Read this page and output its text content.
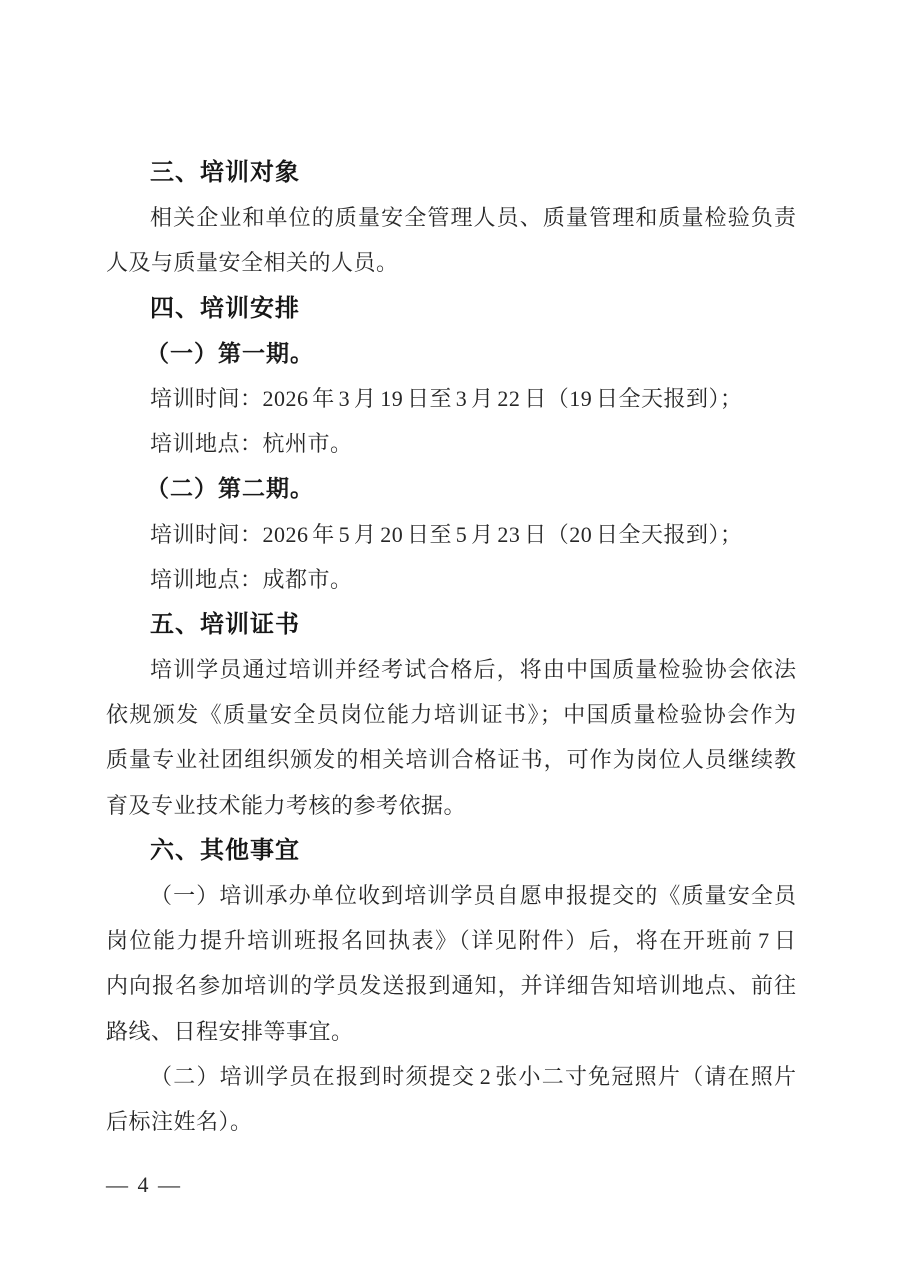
三、培训对象
相关企业和单位的质量安全管理人员、质量管理和质量检验负责
人及与质量安全相关的人员。
四、培训安排
（一）第一期。
培训时间：2026 年 3 月 19 日至 3 月 22 日（19 日全天报到）；
培训地点：杭州市。
（二）第二期。
培训时间：2026 年 5 月 20 日至 5 月 23 日（20 日全天报到）；
培训地点：成都市。
五、培训证书
培训学员通过培训并经考试合格后，将由中国质量检验协会依法
依规颁发《质量安全员岗位能力培训证书》；中国质量检验协会作为
质量专业社团组织颁发的相关培训合格证书，可作为岗位人员继续教
育及专业技术能力考核的参考依据。
六、其他事宜
（一）培训承办单位收到培训学员自愿申报提交的《质量安全员
岗位能力提升培训班报名回执表》（详见附件）后，将在开班前 7 日
内向报名参加培训的学员发送报到通知，并详细告知培训地点、前往
路线、日程安排等事宜。
（二）培训学员在报到时须提交 2 张小二寸免冠照片（请在照片
后标注姓名）。
— 4 —
